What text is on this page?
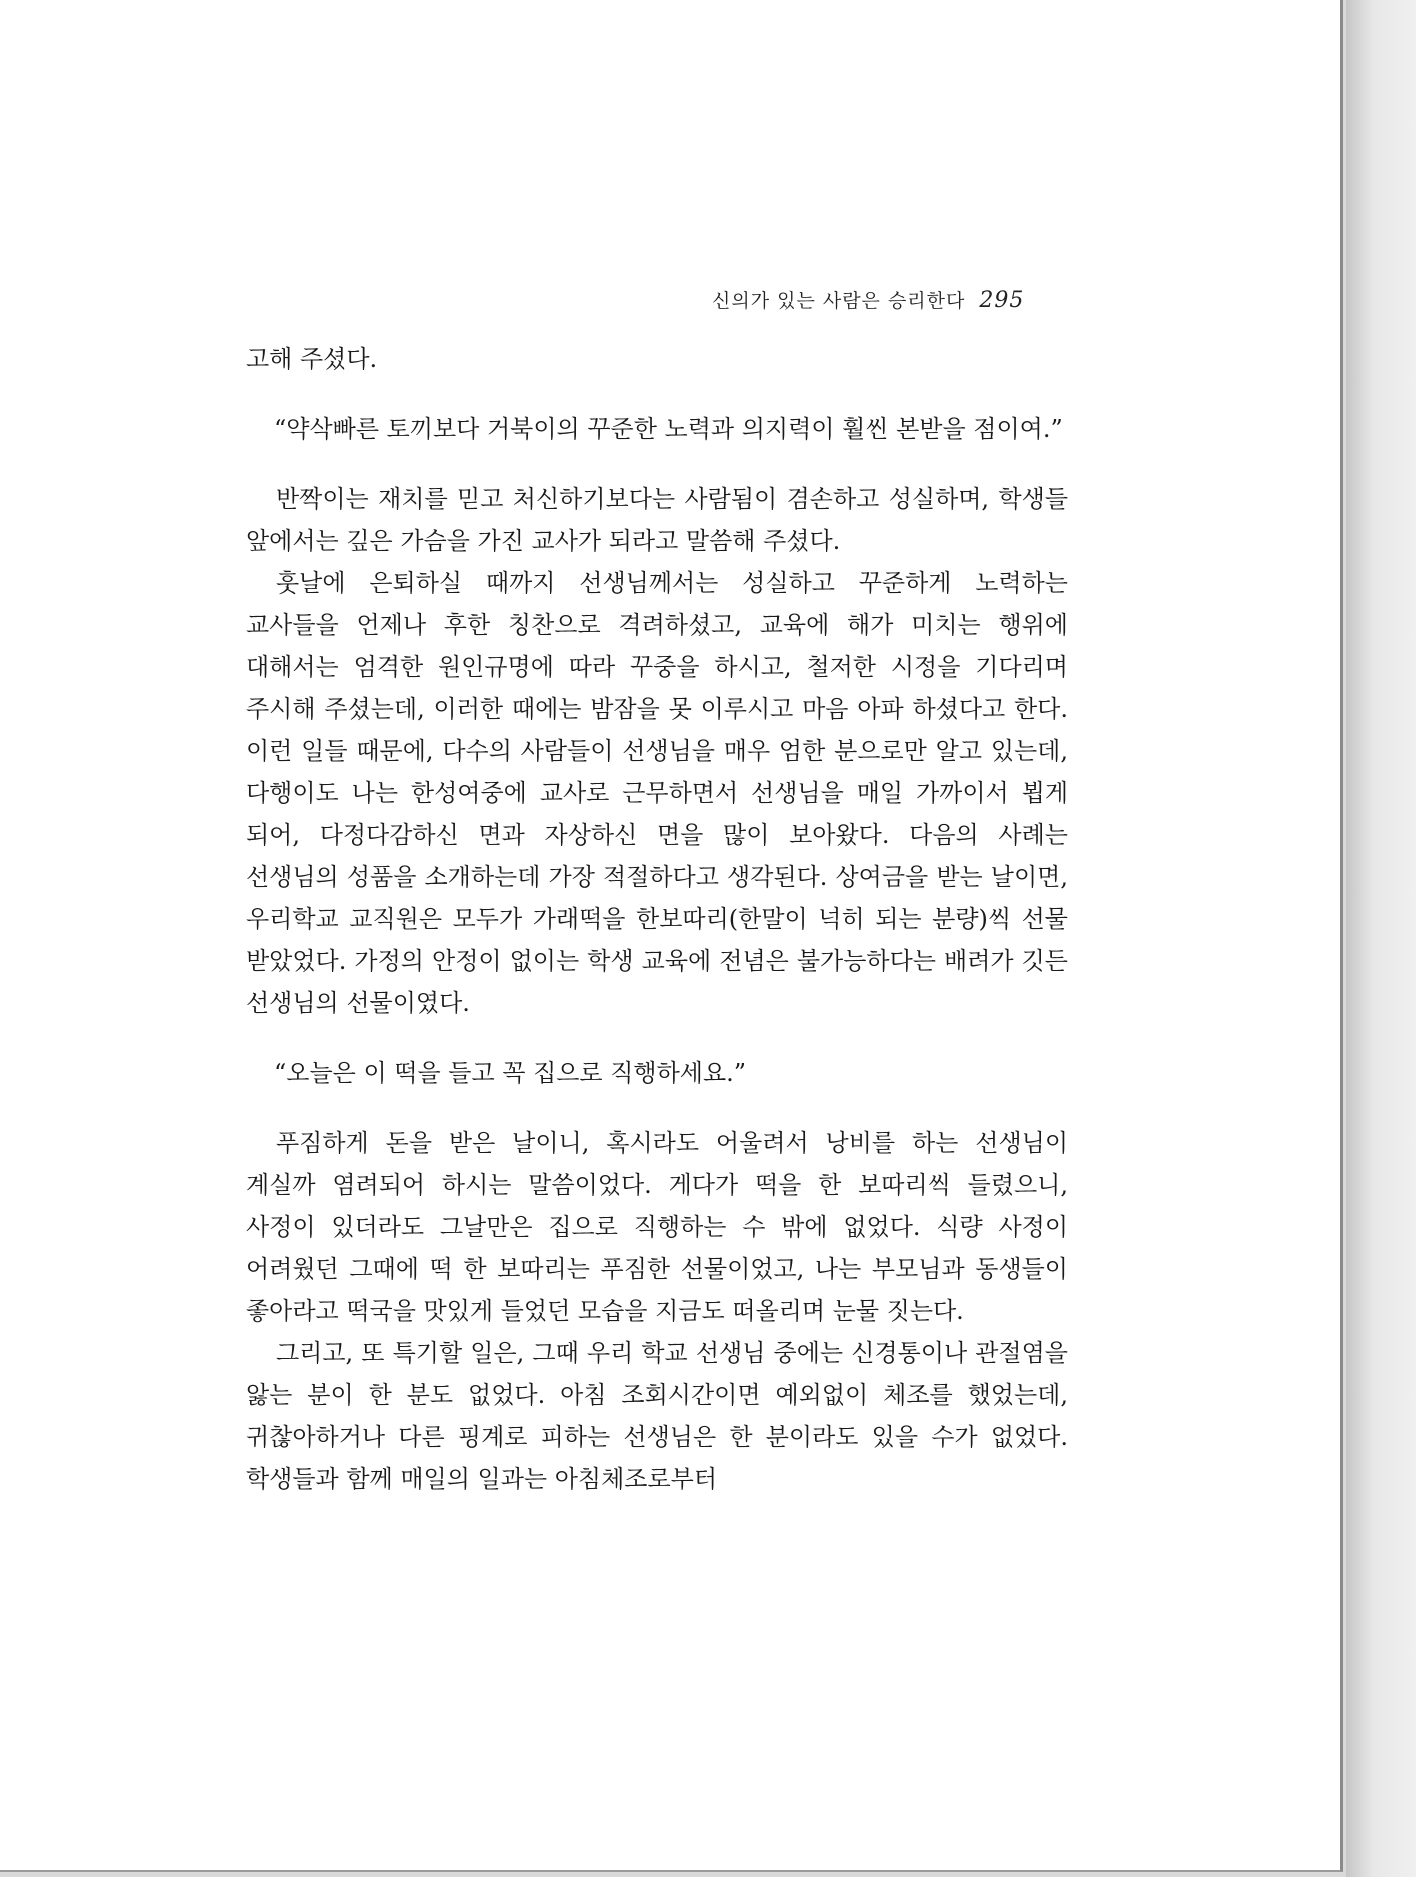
신의가 있는 사람은 승리한다 295

고해 주셨다.

“약삭빠른 토끼보다 거북이의 꾸준한 노력과 의지력이 훨씬 본받을 점이여.”

반짝이는 재치를 믿고 처신하기보다는 사람됨이 겸손하고 성실하며, 학생들 앞에서는 깊은 가슴을 가진 교사가 되라고 말씀해 주셨다.

훗날에 은퇴하실 때까지 선생님께서는 성실하고 꾸준하게 노력하는 교사들을 언제나 후한 칭찬으로 격려하셨고, 교육에 해가 미치는 행위에 대해서는 엄격한 원인규명에 따라 꾸중을 하시고, 철저한 시정을 기다리며 주시해 주셨는데, 이러한 때에는 밤잠을 못 이루시고 마음 아파 하셨다고 한다. 이런 일들 때문에, 다수의 사람들이 선생님을 매우 엄한 분으로만 알고 있는데, 다행이도 나는 한성여중에 교사로 근무하면서 선생님을 매일 가까이서 뵙게 되어, 다정다감하신 면과 자상하신 면을 많이 보아왔다. 다음의 사례는 선생님의 성품을 소개하는데 가장 적절하다고 생각된다. 상여금을 받는 날이면, 우리학교 교직원은 모두가 가래떡을 한보따리(한말이 넉히 되는 분량)씩 선물 받았었다. 가정의 안정이 없이는 학생 교육에 전념은 불가능하다는 배려가 깃든 선생님의 선물이였다.

“오늘은 이 떡을 들고 꼭 집으로 직행하세요.”

푸짐하게 돈을 받은 날이니, 혹시라도 어울려서 낭비를 하는 선생님이 계실까 염려되어 하시는 말씀이었다. 게다가 떡을 한 보따리씩 들렸으니, 사정이 있더라도 그날만은 집으로 직행하는 수 밖에 없었다. 식량 사정이 어려웠던 그때에 떡 한 보따리는 푸짐한 선물이었고, 나는 부모님과 동생들이 좋아라고 떡국을 맛있게 들었던 모습을 지금도 떠올리며 눈물 짓는다.

그리고, 또 특기할 일은, 그때 우리 학교 선생님 중에는 신경통이나 관절염을 앓는 분이 한 분도 없었다. 아침 조회시간이면 예외없이 체조를 했었는데, 귀찮아하거나 다른 핑계로 피하는 선생님은 한 분이라도 있을 수가 없었다. 학생들과 함께 매일의 일과는 아침체조로부터
